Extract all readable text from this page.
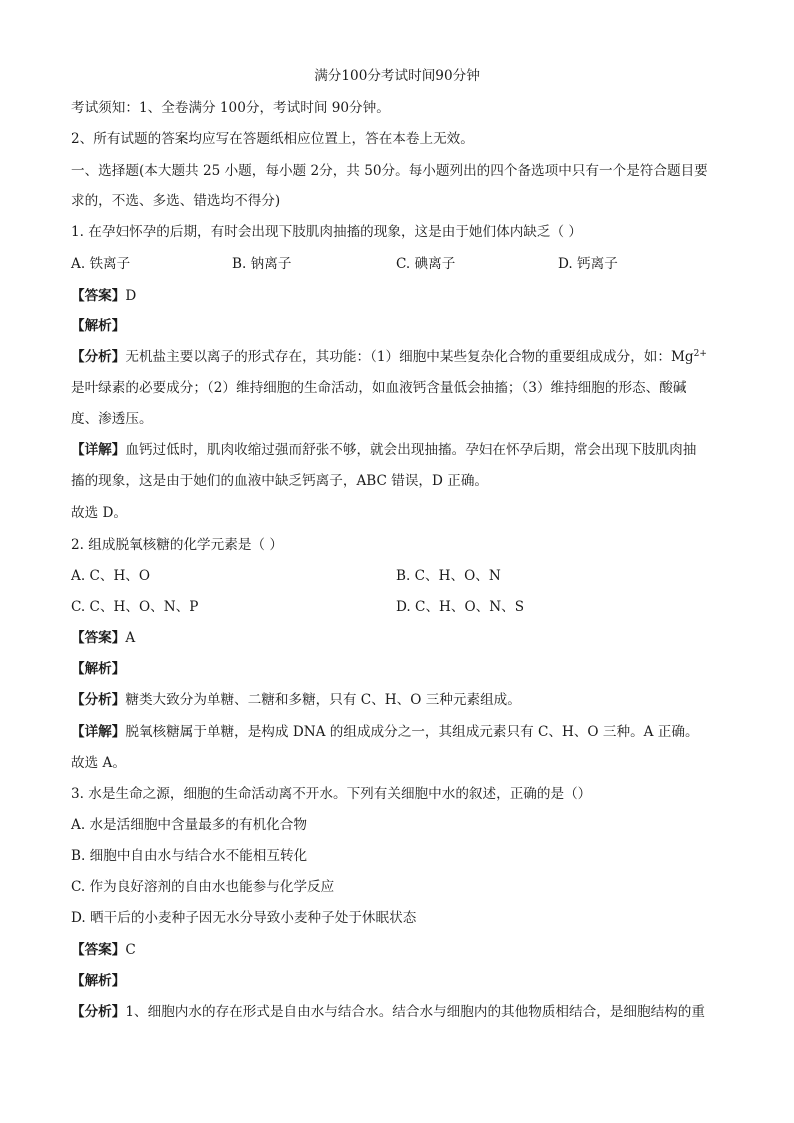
满分100分考试时间90分钟
考试须知：1、全卷满分 100分，考试时间 90分钟。
2、所有试题的答案均应写在答题纸相应位置上，答在本卷上无效。
一、选择题(本大题共 25 小题，每小题 2分，共 50分。每小题列出的四个备选项中只有一个是符合题目要
求的，不选、多选、错选均不得分)
1. 在孕妇怀孕的后期，有时会出现下肢肌肉抽搐的现象，这是由于她们体内缺乏（ ）
A. 铁离子	B. 钠离子	C. 碘离子	D. 钙离子
【答案】D
【解析】
【分析】无机盐主要以离子的形式存在，其功能：（1）细胞中某些复杂化合物的重要组成成分，如：$Mg^{2+}$
是叶绿素的必要成分；（2）维持细胞的生命活动，如血液钙含量低会抽搐；（3）维持细胞的形态、酸碱
度、渗透压。
【详解】血钙过低时，肌肉收缩过强而舒张不够，就会出现抽搐。孕妇在怀孕后期，常会出现下肢肌肉抽
搐的现象，这是由于她们的血液中缺乏钙离子，ABC 错误，D 正确。
故选 D。
2. 组成脱氧核糖的化学元素是（ ）
A. C、H、O	B. C、H、O、N
C. C、H、O、N、P	D. C、H、O、N、S
【答案】A
【解析】
【分析】糖类大致分为单糖、二糖和多糖，只有 C、H、O 三种元素组成。
【详解】脱氧核糖属于单糖，是构成 DNA 的组成成分之一，其组成元素只有 C、H、O 三种。A 正确。
故选 A。
3. 水是生命之源，细胞的生命活动离不开水。下列有关细胞中水的叙述，正确的是（）
A. 水是活细胞中含量最多的有机化合物
B. 细胞中自由水与结合水不能相互转化
C. 作为良好溶剂的自由水也能参与化学反应
D. 晒干后的小麦种子因无水分导致小麦种子处于休眠状态
【答案】C
【解析】
【分析】1、细胞内水的存在形式是自由水与结合水。结合水与细胞内的其他物质相结合，是细胞结构的重
